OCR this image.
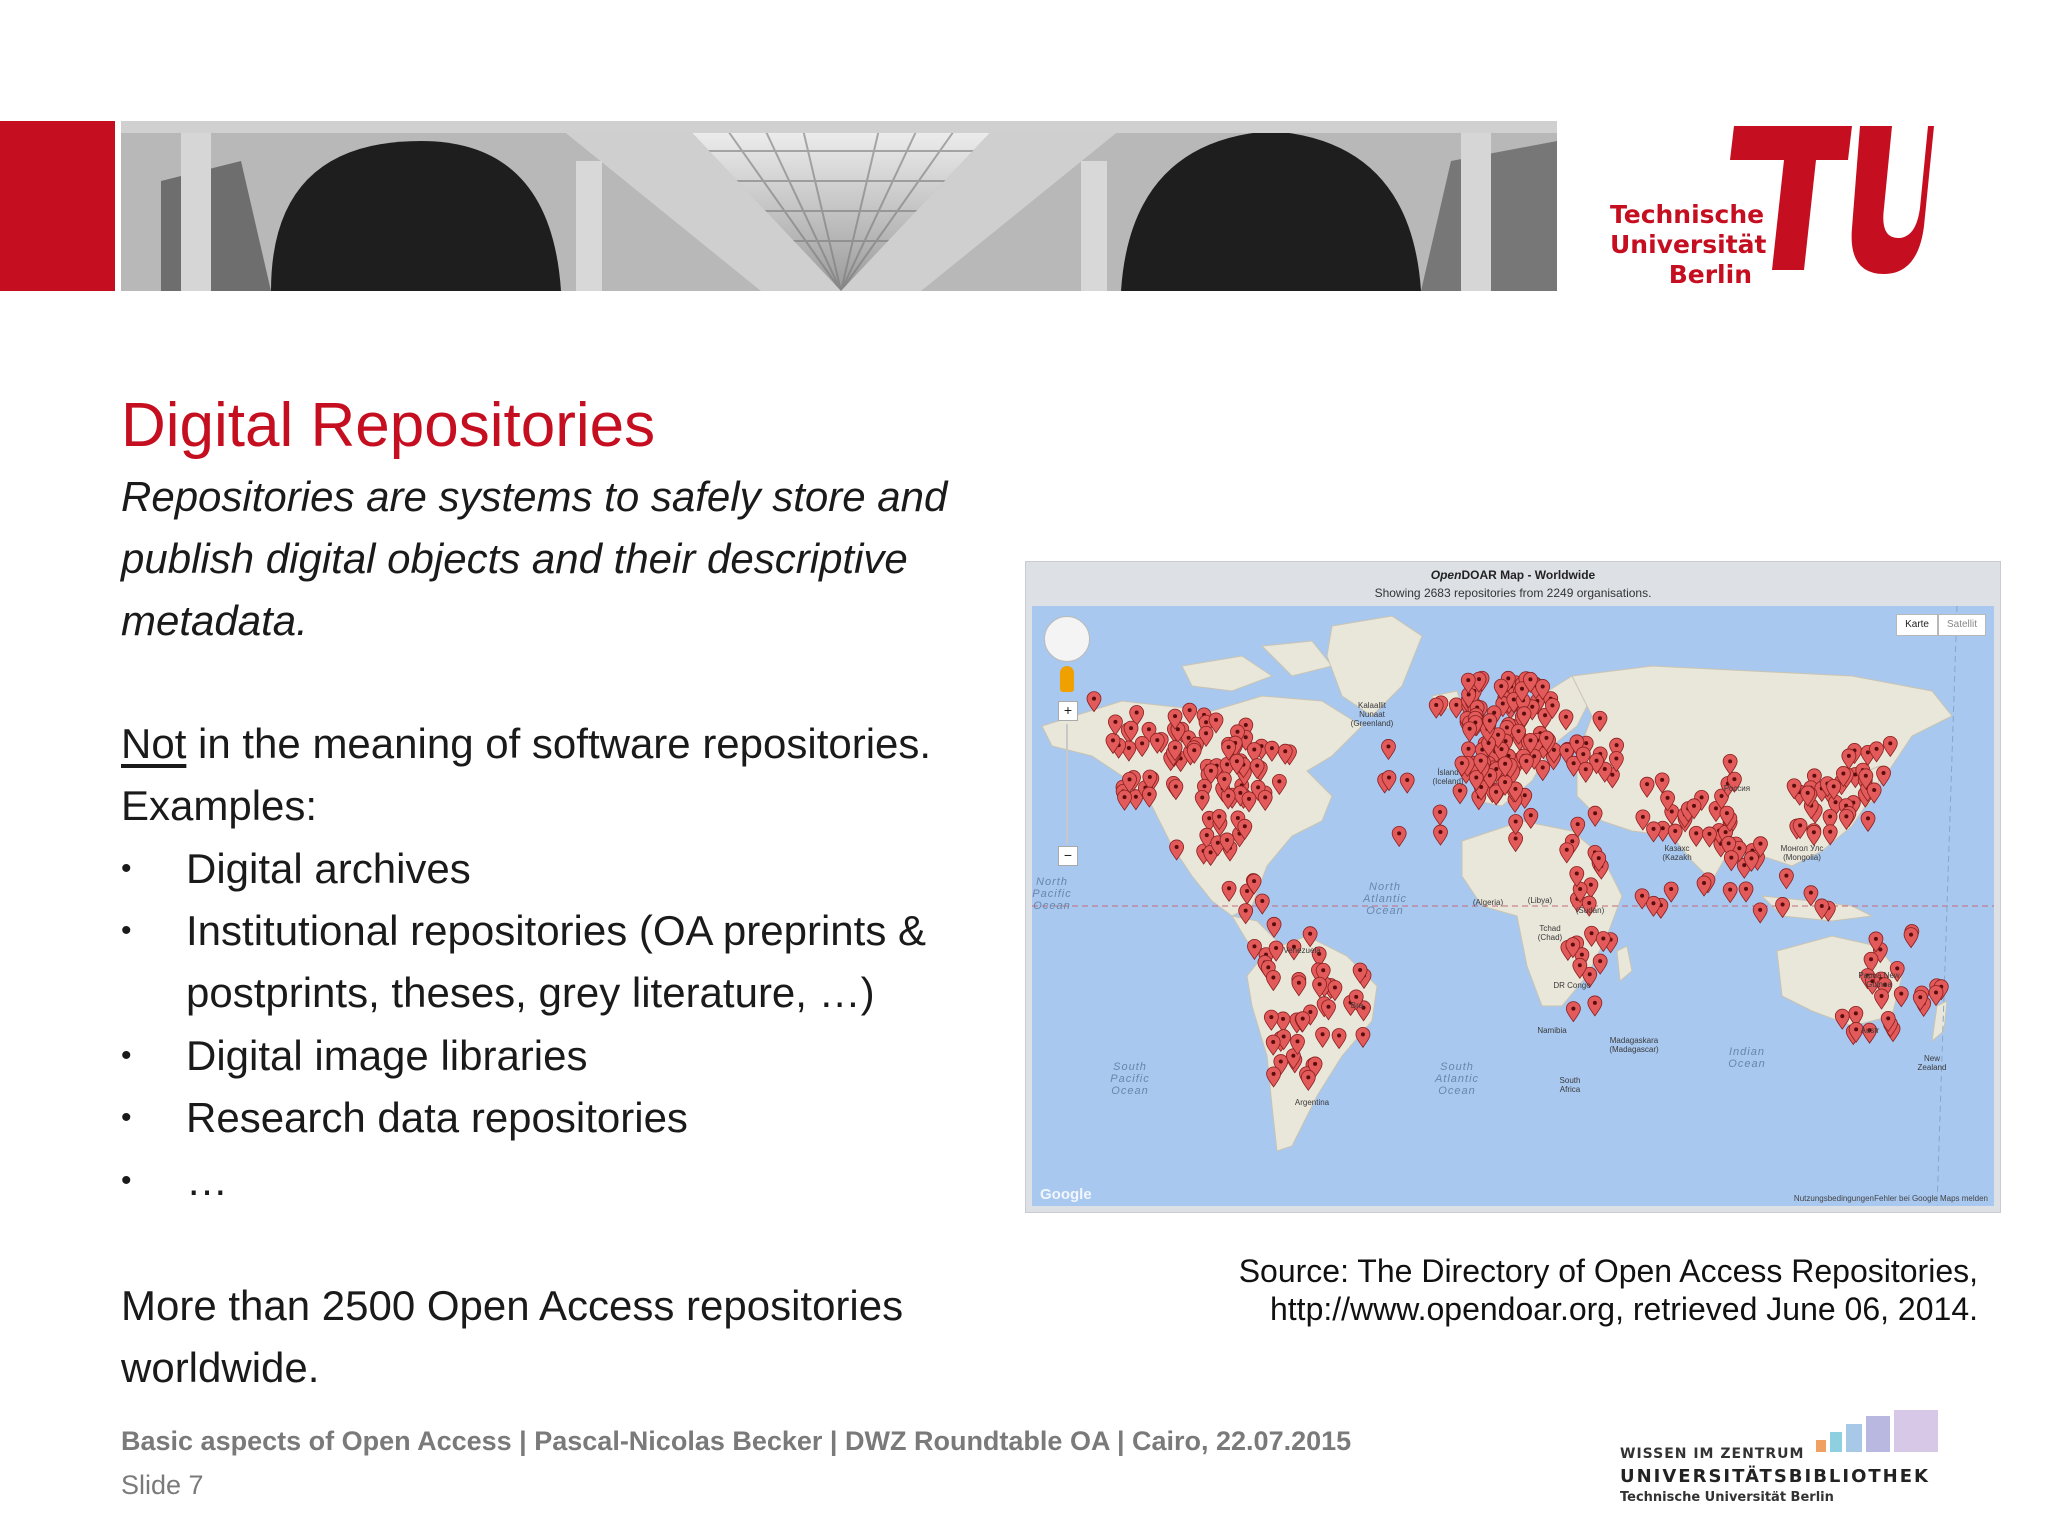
berlin
Technische
Universität
Berlin
Digital Repositories
Repositories are systems to safely store and publish digital objects and their descriptive metadata.
Not in the meaning of software repositories.
Examples:
• Digital archives
• Institutional repositories (OA preprints &
postprints, theses, grey literature, …)
• Digital image libraries
• Research data repositories
• …
More than 2500 Open Access repositories
worldwide.
OpenDOAR Map - Worldwide
Showing 2683 repositories from 2249 organisations.
+
−
Karte	Satellit
North Pacific Ocean
North Atlantic Ocean
South Pacific Ocean
South Atlantic Ocean
Indian Ocean
Kalaallit Nunaat (Greenland)
Ísland (Iceland)
Россия
Казахс (Kazakh
Монгол Улс (Mongolia)
(Algeria)	(Libya)
(Sudan)
Tchad (Chad)
Venezuela
Bra
DR Congo
Namibia
Madagaskara (Madagascar)
South Africa
Argentina
Papua New Guinea
Austr
New Zealand
Google	Nutzungsbedingungen Fehler bei Google Maps melden
Source: The Directory of Open Access Repositories,
http://www.opendoar.org, retrieved June 06, 2014.
Basic aspects of Open Access | Pascal-Nicolas Becker | DWZ Roundtable OA | Cairo, 22.07.2015
Slide 7
WISSEN IM ZENTRUM
UNIVERSITÄTSBIBLIOTHEK
Technische Universität Berlin
